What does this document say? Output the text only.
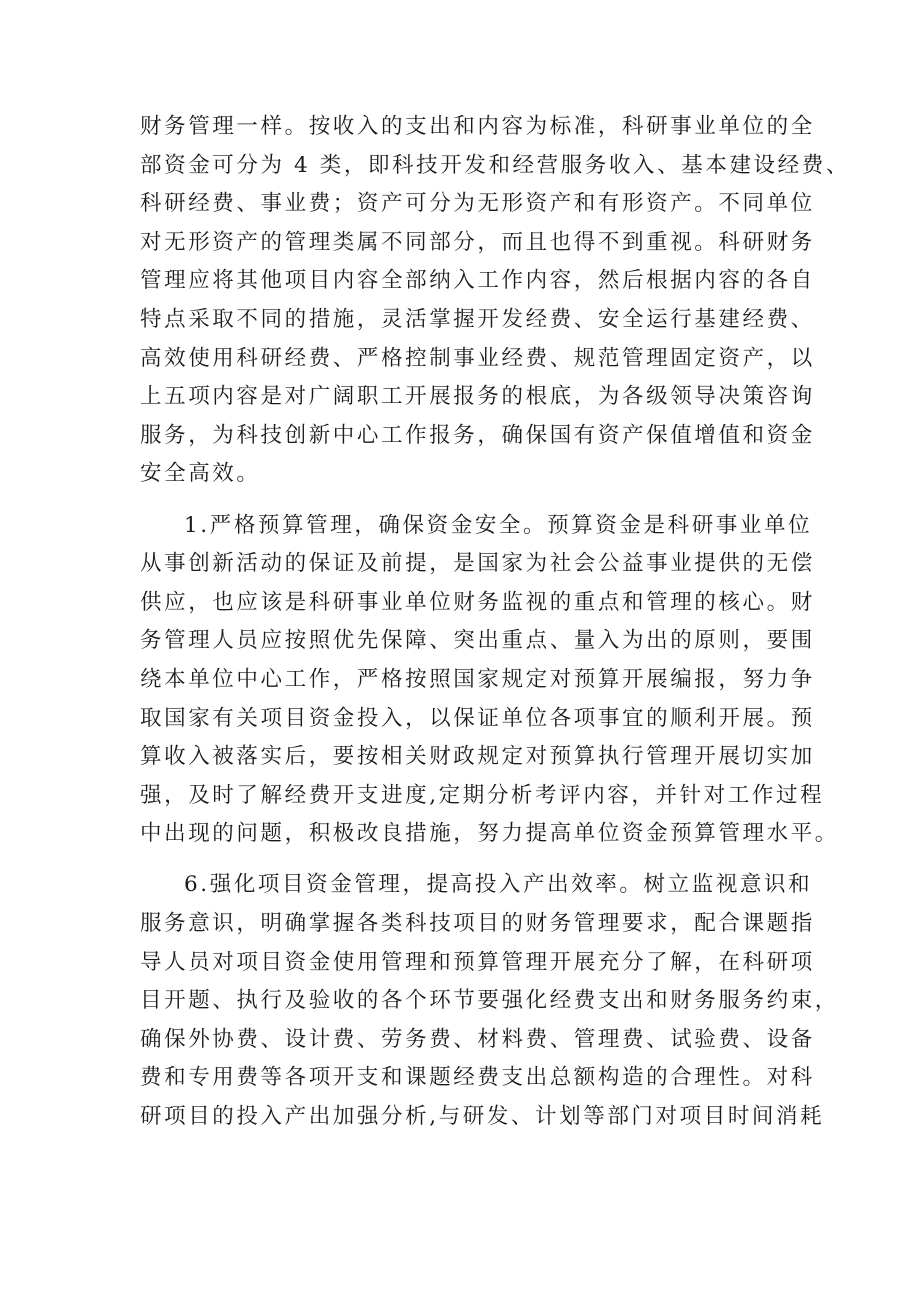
财务管理一样。按收入的支出和内容为标准，科研事业单位的全
部资金可分为 4 类，即科技开发和经营服务收入、基本建设经费、
科研经费、事业费；资产可分为无形资产和有形资产。不同单位
对无形资产的管理类属不同部分，而且也得不到重视。科研财务
管理应将其他项目内容全部纳入工作内容，然后根据内容的各自
特点采取不同的措施，灵活掌握开发经费、安全运行基建经费、
高效使用科研经费、严格控制事业经费、规范管理固定资产，以
上五项内容是对广阔职工开展报务的根底，为各级领导决策咨询
服务，为科技创新中心工作报务，确保国有资产保值增值和资金
安全高效。
1.严格预算管理，确保资金安全。预算资金是科研事业单位
从事创新活动的保证及前提，是国家为社会公益事业提供的无偿
供应，也应该是科研事业单位财务监视的重点和管理的核心。财
务管理人员应按照优先保障、突出重点、量入为出的原则，要围
绕本单位中心工作，严格按照国家规定对预算开展编报，努力争
取国家有关项目资金投入，以保证单位各项事宜的顺利开展。预
算收入被落实后，要按相关财政规定对预算执行管理开展切实加
强，及时了解经费开支进度,定期分析考评内容，并针对工作过程
中出现的问题，积极改良措施，努力提高单位资金预算管理水平。
6.强化项目资金管理，提高投入产出效率。树立监视意识和
服务意识，明确掌握各类科技项目的财务管理要求，配合课题指
导人员对项目资金使用管理和预算管理开展充分了解，在科研项
目开题、执行及验收的各个环节要强化经费支出和财务服务约束，
确保外协费、设计费、劳务费、材料费、管理费、试验费、设备
费和专用费等各项开支和课题经费支出总额构造的合理性。对科
研项目的投入产出加强分析,与研发、计划等部门对项目时间消耗
